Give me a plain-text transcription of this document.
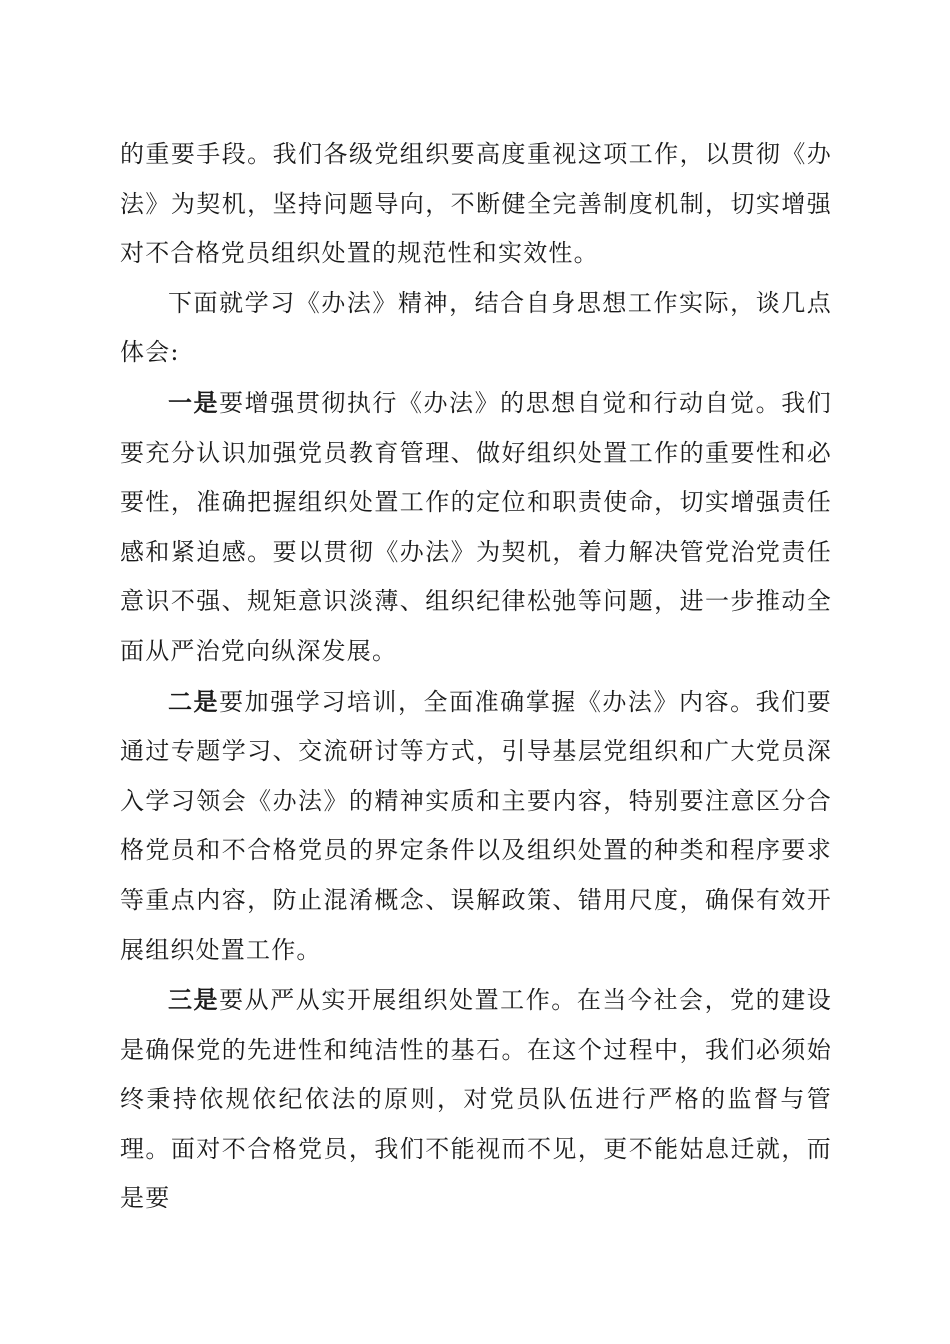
的重要手段。我们各级党组织要高度重视这项工作，以贯彻《办法》为契机，坚持问题导向，不断健全完善制度机制，切实增强对不合格党员组织处置的规范性和实效性。

下面就学习《办法》精神，结合自身思想工作实际，谈几点体会:

一是要增强贯彻执行《办法》的思想自觉和行动自觉。我们要充分认识加强党员教育管理、做好组织处置工作的重要性和必要性，准确把握组织处置工作的定位和职责使命，切实增强责任感和紧迫感。要以贯彻《办法》为契机，着力解决管党治党责任意识不强、规矩意识淡薄、组织纪律松弛等问题，进一步推动全面从严治党向纵深发展。

二是要加强学习培训，全面准确掌握《办法》内容。我们要通过专题学习、交流研讨等方式，引导基层党组织和广大党员深入学习领会《办法》的精神实质和主要内容，特别要注意区分合格党员和不合格党员的界定条件以及组织处置的种类和程序要求等重点内容，防止混淆概念、误解政策、错用尺度，确保有效开展组织处置工作。

三是要从严从实开展组织处置工作。在当今社会，党的建设是确保党的先进性和纯洁性的基石。在这个过程中，我们必须始终秉持依规依纪依法的原则，对党员队伍进行严格的监督与管理。面对不合格党员，我们不能视而不见，更不能姑息迁就，而是要
